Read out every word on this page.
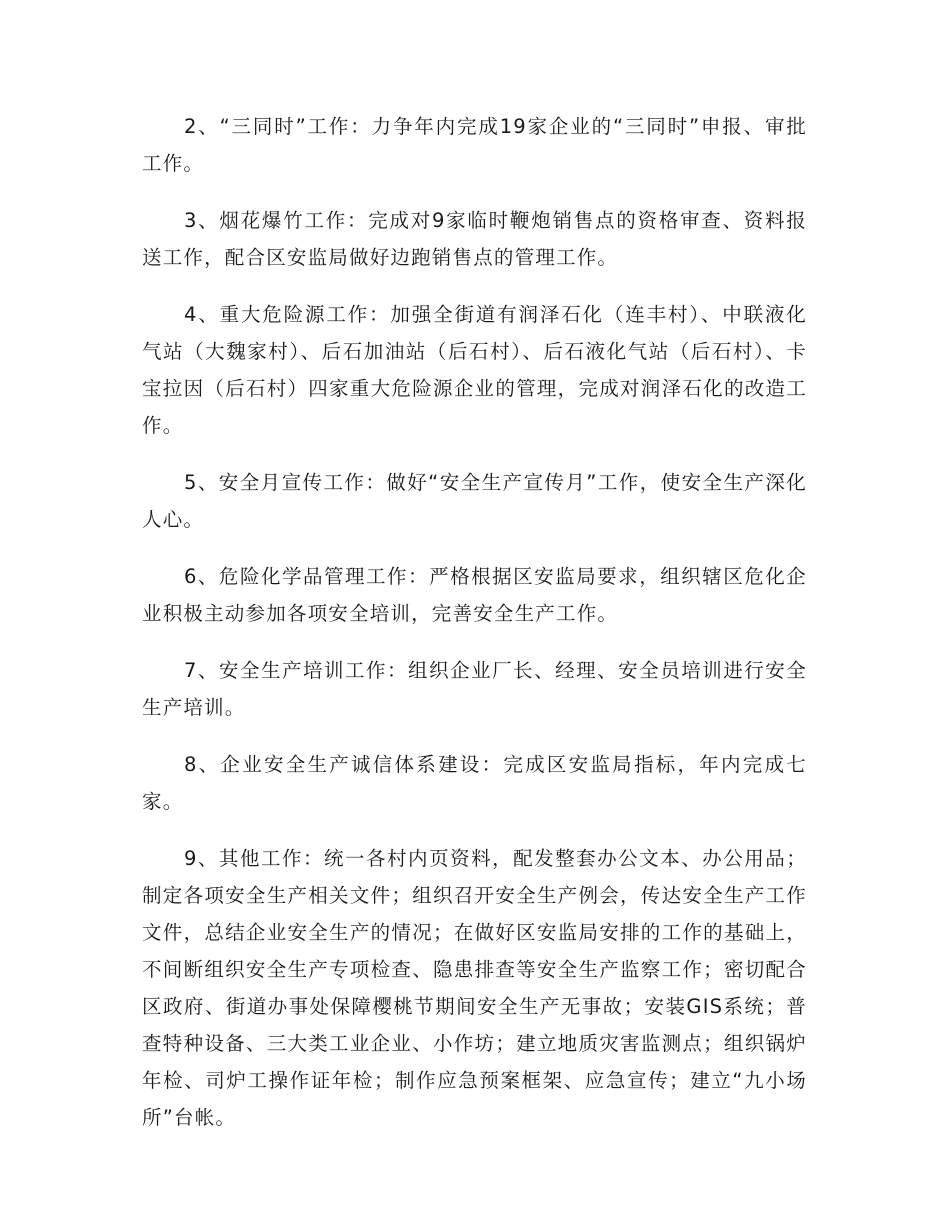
2、“三同时”工作：力争年内完成19家企业的“三同时”申报、审批工作。

3、烟花爆竹工作：完成对9家临时鞭炮销售点的资格审查、资料报送工作，配合区安监局做好边跑销售点的管理工作。

4、重大危险源工作：加强全街道有润泽石化（连丰村）、中联液化气站（大魏家村）、后石加油站（后石村）、后石液化气站（后石村）、卡宝拉因（后石村）四家重大危险源企业的管理，完成对润泽石化的改造工作。

5、安全月宣传工作：做好“安全生产宣传月”工作，使安全生产深化人心。

6、危险化学品管理工作：严格根据区安监局要求，组织辖区危化企业积极主动参加各项安全培训，完善安全生产工作。

7、安全生产培训工作：组织企业厂长、经理、安全员培训进行安全生产培训。

8、企业安全生产诚信体系建设：完成区安监局指标，年内完成七家。

9、其他工作：统一各村内页资料，配发整套办公文本、办公用品；制定各项安全生产相关文件；组织召开安全生产例会，传达安全生产工作文件，总结企业安全生产的情况；在做好区安监局安排的工作的基础上，不间断组织安全生产专项检查、隐患排查等安全生产监察工作；密切配合区政府、街道办事处保障樱桃节期间安全生产无事故；安装GIS系统；普查特种设备、三大类工业企业、小作坊；建立地质灾害监测点；组织锅炉年检、司炉工操作证年检；制作应急预案框架、应急宣传；建立“九小场所”台帐。
